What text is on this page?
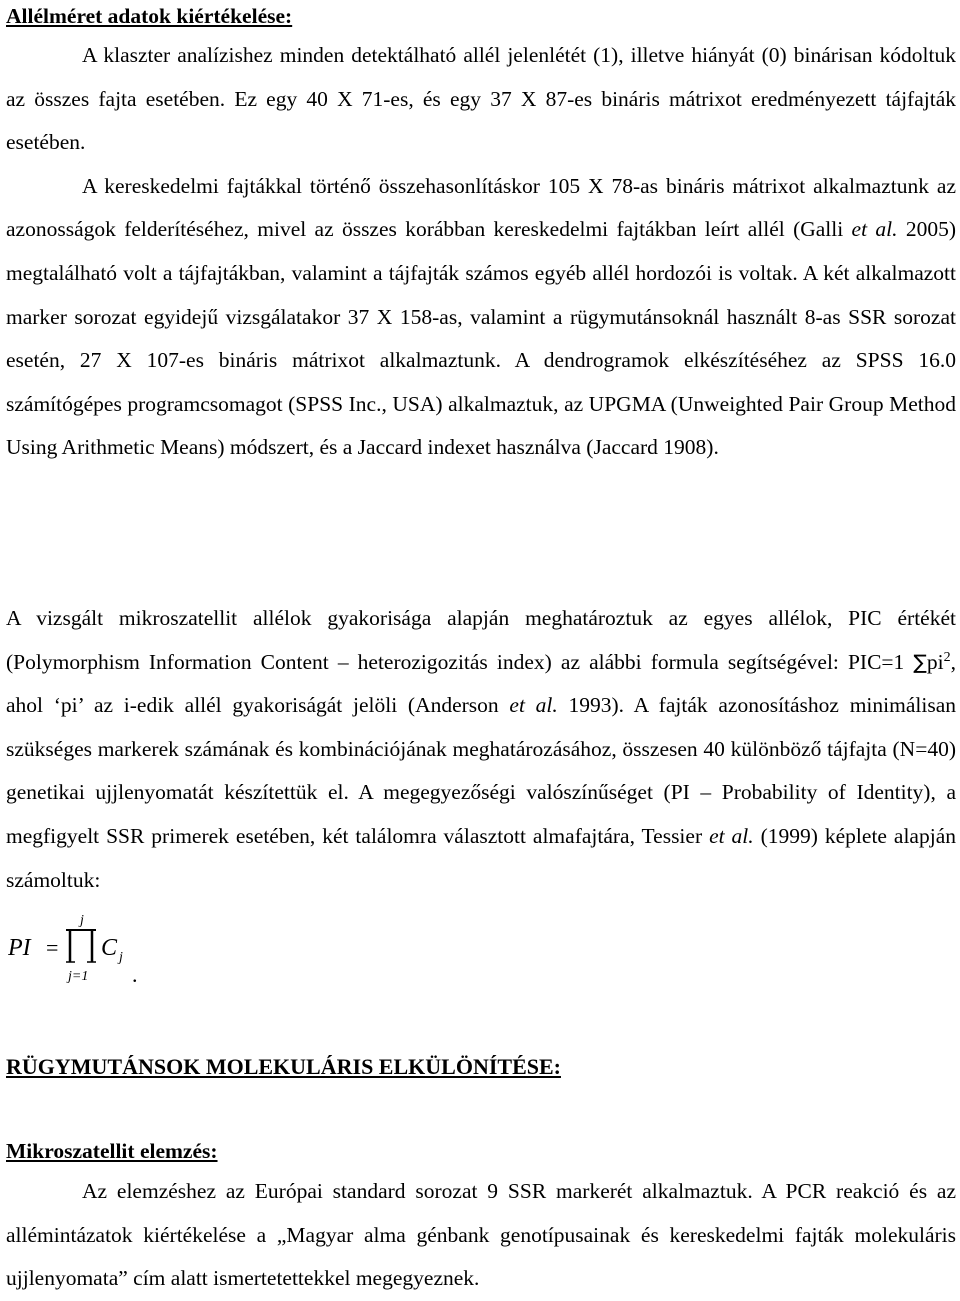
Allélméret adatok kiértékelése:

A klaszter analízishez minden detektálható allél jelenlétét (1), illetve hiányát (0) binárisan kódoltuk az összes fajta esetében. Ez egy 40 X 71-es, és egy 37 X 87-es bináris mátrixot eredményezett tájfajták esetében.

A kereskedelmi fajtákkal történő összehasonlításkor 105 X 78-as bináris mátrixot alkalmaztunk az azonosságok felderítéséhez, mivel az összes korábban kereskedelmi fajtákban leírt allél (Galli et al. 2005) megtalálható volt a tájfajtákban, valamint a tájfajták számos egyéb allél hordozói is voltak. A két alkalmazott marker sorozat egyidejű vizsgálatakor 37 X 158-as, valamint a rügymutánsoknál használt 8-as SSR sorozat esetén, 27 X 107-es bináris mátrixot alkalmaztunk. A dendrogramok elkészítéséhez az SPSS 16.0 számítógépes programcsomagot (SPSS Inc., USA) alkalmaztuk, az UPGMA (Unweighted Pair Group Method Using Arithmetic Means) módszert, és a Jaccard indexet használva (Jaccard 1908).

A vizsgált mikroszatellit allélok gyakorisága alapján meghatároztuk az egyes allélok, PIC értékét (Polymorphism Information Content – heterozigozitás index) az alábbi formula segítségével: PIC=1 $\sum pi^2$, ahol ‘pi’ az i-edik allél gyakoriságát jelöli (Anderson et al. 1993). A fajták azonosításhoz minimálisan szükséges markerek számának és kombinációjának meghatározásához, összesen 40 különböző tájfajta (N=40) genetikai ujjlenyomatát készítettük el. A megegyezőségi valószínűséget (PI – Probability of Identity), a megfigyelt SSR primerek esetében, két találomra választott almafajtára, Tessier et al. (1999) képlete alapján számoltuk:

PI =
j
j=1
C j
.
RÜGYMUTÁNSOK MOLEKULÁRIS ELKÜLÖNÍTÉSE:
Mikroszatellit elemzés:

Az elemzéshez az Európai standard sorozat 9 SSR markerét alkalmaztuk. A PCR reakció és az allémintázatok kiértékelése a „Magyar alma génbank genotípusainak és kereskedelmi fajták molekuláris ujjlenyomata” cím alatt ismertetettekkel megegyeznek.
